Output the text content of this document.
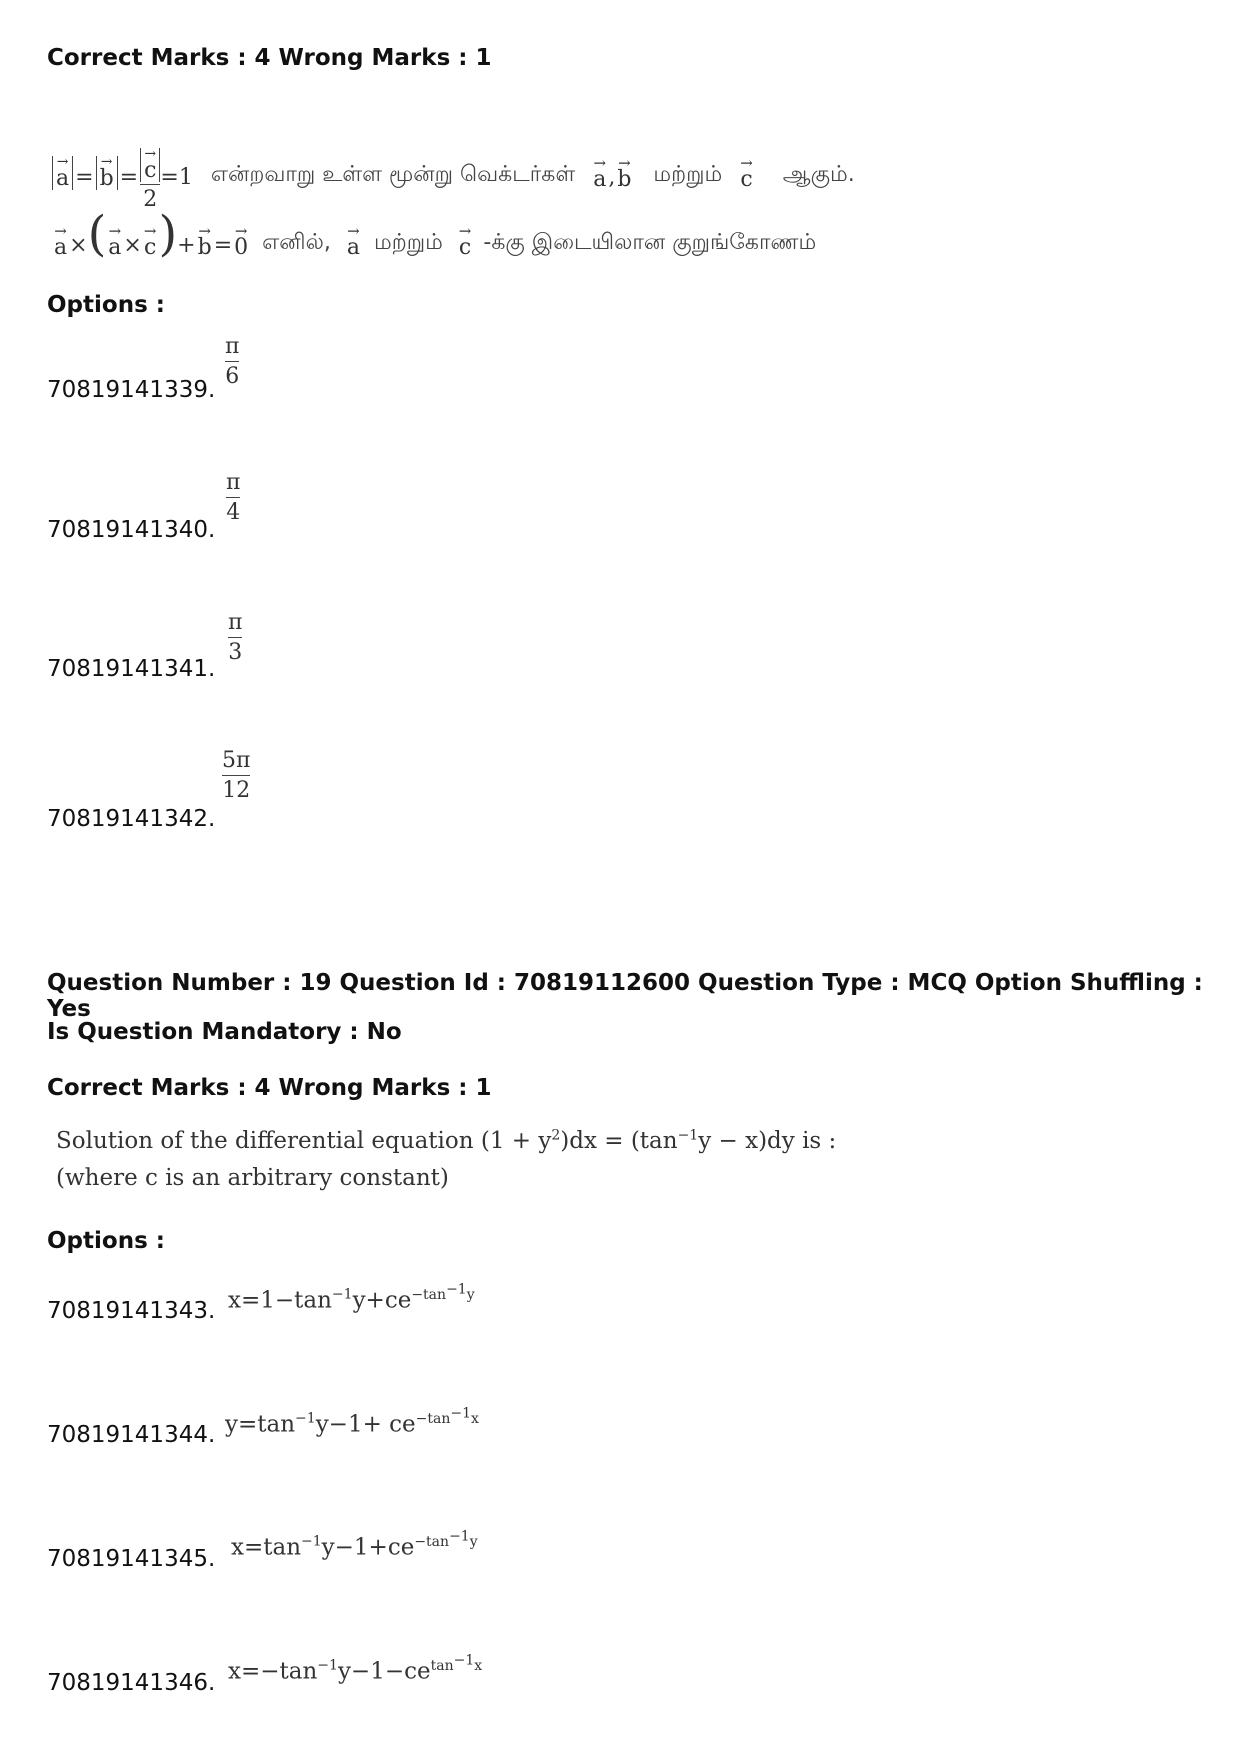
Correct Marks : 4 Wrong Marks : 1
→
a =
→
b =
→
c
2
= 1 என்றவாறு உள்ள மூன்று வெக்டர்கள் →
a ,
→
b மற்றும் →
c ஆகும்.
→
a × ( →
a ×
→
c ) +
→
b =
→
0 எனில், →
a மற்றும் →
c -க்கு இடையிலான குறுங்கோணம்
Options :
70819141339.
π
6
70819141340.
π
4
70819141341.
π
3
70819141342.
5π
12
Question Number : 19 Question Id : 70819112600 Question Type : MCQ Option Shuffling : Yes
Is Question Mandatory : No
Correct Marks : 4 Wrong Marks : 1
Solution of the differential equation $(1 + y^2)dx = (\tan^{-1}y - x)dy$ is :
(where c is an arbitrary constant)
Options :
70819141343. $x=1-\tan^{-1}y+ce^{-tan^{-1}y}$
70819141344. $y=\tan^{-1}y-1+ ce^{-tan^{-1}x}$
70819141345. $x=\tan^{-1}y-1+ce^{-tan^{-1}y}$
70819141346. $x=-\tan^{-1}y-1-ce^{tan^{-1}x}$
